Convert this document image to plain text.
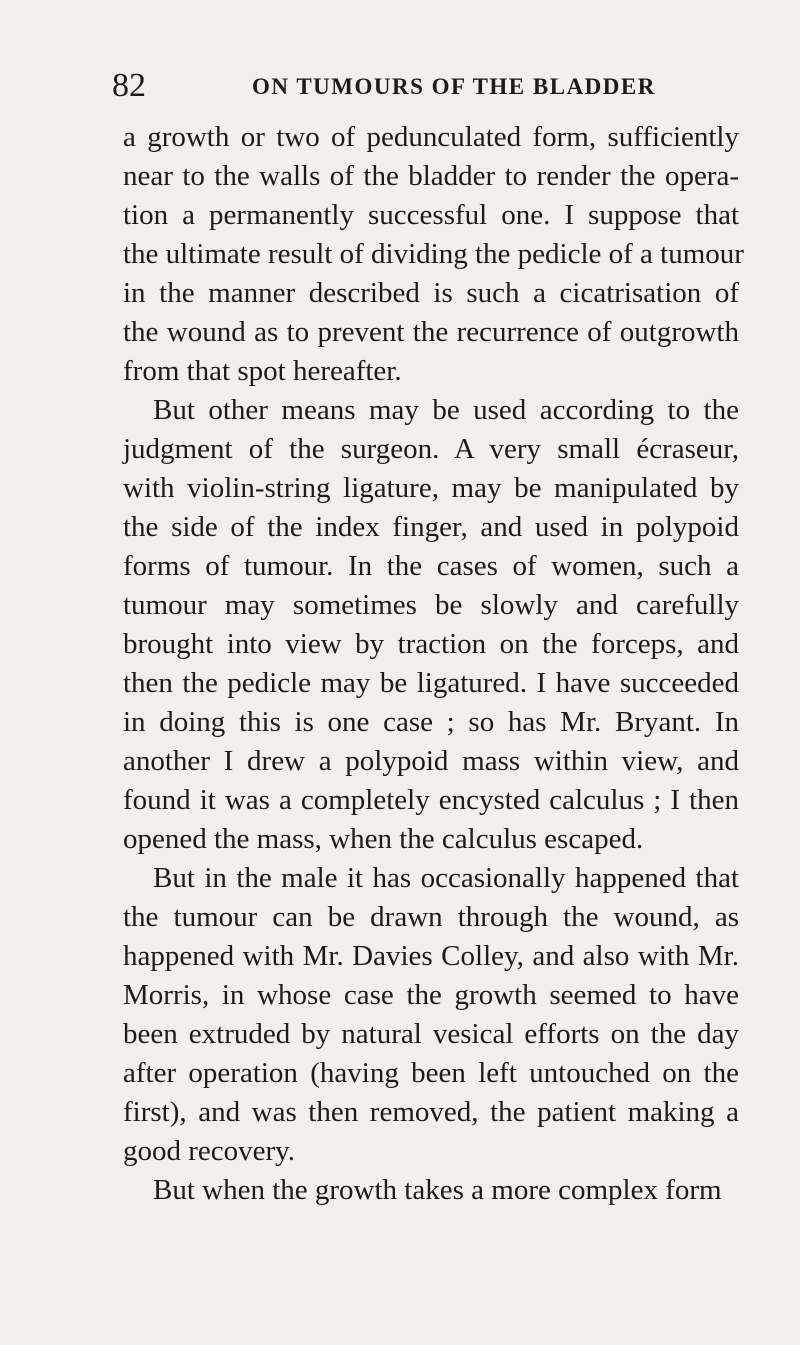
82	ON TUMOURS OF THE BLADDER

a growth or two of pedunculated form, sufficiently
near to the walls of the bladder to render the opera-
tion a permanently successful one. I suppose that
the ultimate result of dividing the pedicle of a tumour
in the manner described is such a cicatrisation of
the wound as to prevent the recurrence of outgrowth
from that spot hereafter.

But other means may be used according to the
judgment of the surgeon. A very small écraseur,
with violin-string ligature, may be manipulated by
the side of the index finger, and used in polypoid
forms of tumour. In the cases of women, such a
tumour may sometimes be slowly and carefully
brought into view by traction on the forceps, and
then the pedicle may be ligatured. I have succeeded
in doing this is one case ; so has Mr. Bryant. In
another I drew a polypoid mass within view, and
found it was a completely encysted calculus ; I then
opened the mass, when the calculus escaped.

But in the male it has occasionally happened that
the tumour can be drawn through the wound, as
happened with Mr. Davies Colley, and also with Mr.
Morris, in whose case the growth seemed to have
been extruded by natural vesical efforts on the day
after operation (having been left untouched on the
first), and was then removed, the patient making a
good recovery.

But when the growth takes a more complex form
